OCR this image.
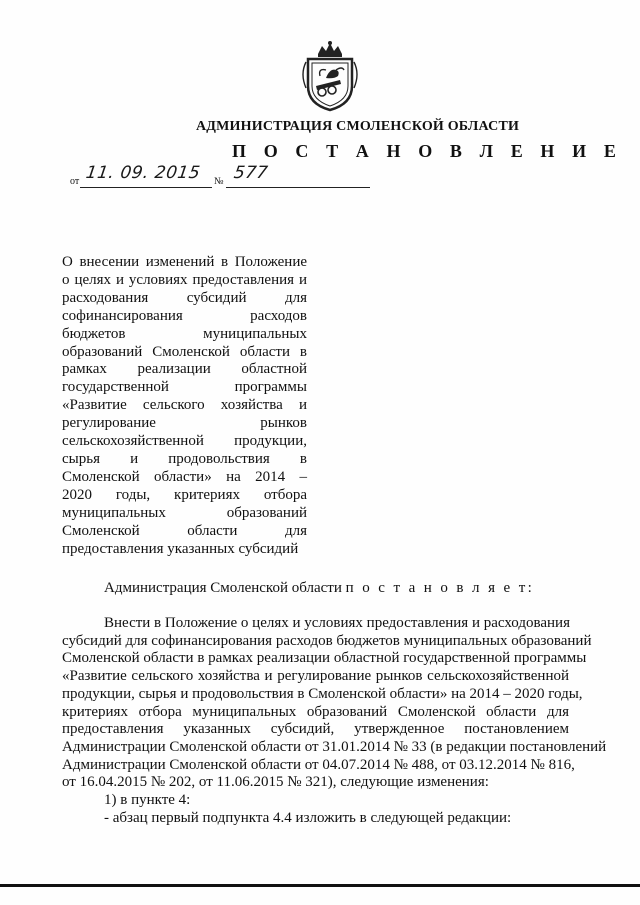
АДМИНИСТРАЦИЯ СМОЛЕНСКОЙ ОБЛАСТИ
П О С Т А Н О В Л Е Н И Е
от 11. 09. 2015 № 577
О внесении изменений в Положение
о целях и условиях предоставления и
расходования субсидий для
софинансирования расходов
бюджетов муниципальных
образований Смоленской области в
рамках реализации областной
государственной программы
«Развитие сельского хозяйства и
регулирование рынков
сельскохозяйственной продукции,
сырья и продовольствия в
Смоленской области» на 2014 –
2020 годы, критериях отбора
муниципальных образований
Смоленской области для
предоставления указанных субсидий
Администрация Смоленской области п о с т а н о в л я е т:
Внести в Положение о целях и условиях предоставления и расходования
субсидий для софинансирования расходов бюджетов муниципальных образований
Смоленской области в рамках реализации областной государственной программы
«Развитие сельского хозяйства и регулирование рынков сельскохозяйственной
продукции, сырья и продовольствия в Смоленской области» на 2014 – 2020 годы,
критериях отбора муниципальных образований Смоленской области для
предоставления указанных субсидий, утвержденное постановлением
Администрации Смоленской области от 31.01.2014 № 33 (в редакции постановлений
Администрации Смоленской области от 04.07.2014 № 488, от 03.12.2014 № 816,
от 16.04.2015 № 202, от 11.06.2015 № 321), следующие изменения:
1) в пункте 4:
- абзац первый подпункта 4.4 изложить в следующей редакции:
